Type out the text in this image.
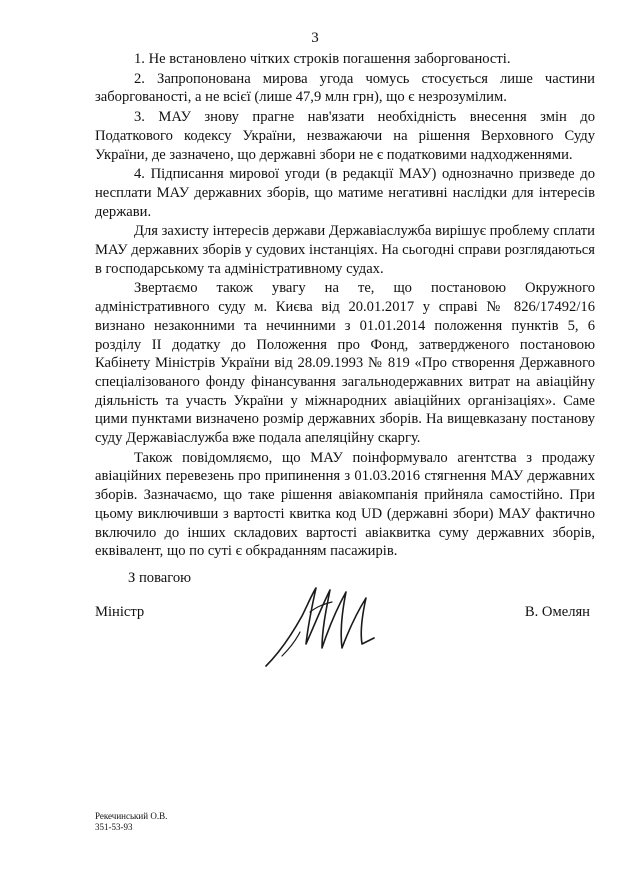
3

1. Не встановлено чітких строків погашення заборгованості.

2. Запропонована мирова угода чомусь стосується лише частини заборгованості, а не всієї (лише 47,9 млн грн), що є незрозумілим.

3. МАУ знову прагне нав'язати необхідність внесення змін до Податкового кодексу України, незважаючи на рішення Верховного Суду України, де зазначено, що державні збори не є податковими надходженнями.

4. Підписання мирової угоди (в редакції МАУ) однозначно призведе до несплати МАУ державних зборів, що матиме негативні наслідки для інтересів держави.

Для захисту інтересів держави Державіаслужба вирішує проблему сплати МАУ державних зборів у судових інстанціях. На сьогодні справи розглядаються в господарському та адміністративному судах.

Звертаємо також увагу на те, що постановою Окружного адміністративного суду м. Києва від 20.01.2017 у справі № 826/17492/16 визнано незаконними та нечинними з 01.01.2014 положення пунктів 5, 6 розділу ІІ додатку до Положення про Фонд, затвердженого постановою Кабінету Міністрів України від 28.09.1993 № 819 «Про створення Державного спеціалізованого фонду фінансування загальнодержавних витрат на авіаційну діяльність та участь України у міжнародних авіаційних організаціях». Саме цими пунктами визначено розмір державних зборів. На вищевказану постанову суду Державіаслужба вже подала апеляційну скаргу.

Також повідомляємо, що МАУ поінформувало агентства з продажу авіаційних перевезень про припинення з 01.03.2016 стягнення МАУ державних зборів. Зазначаємо, що таке рішення авіакомпанія прийняла самостійно. При цьому виключивши з вартості квитка код UD (державні збори) МАУ фактично включило до інших складових вартості авіаквитка суму державних зборів, еквівалент, що по суті є обкраданням пасажирів.

З повагою
Міністр	В. Омелян
Рекечинський О.В.
351-53-93
